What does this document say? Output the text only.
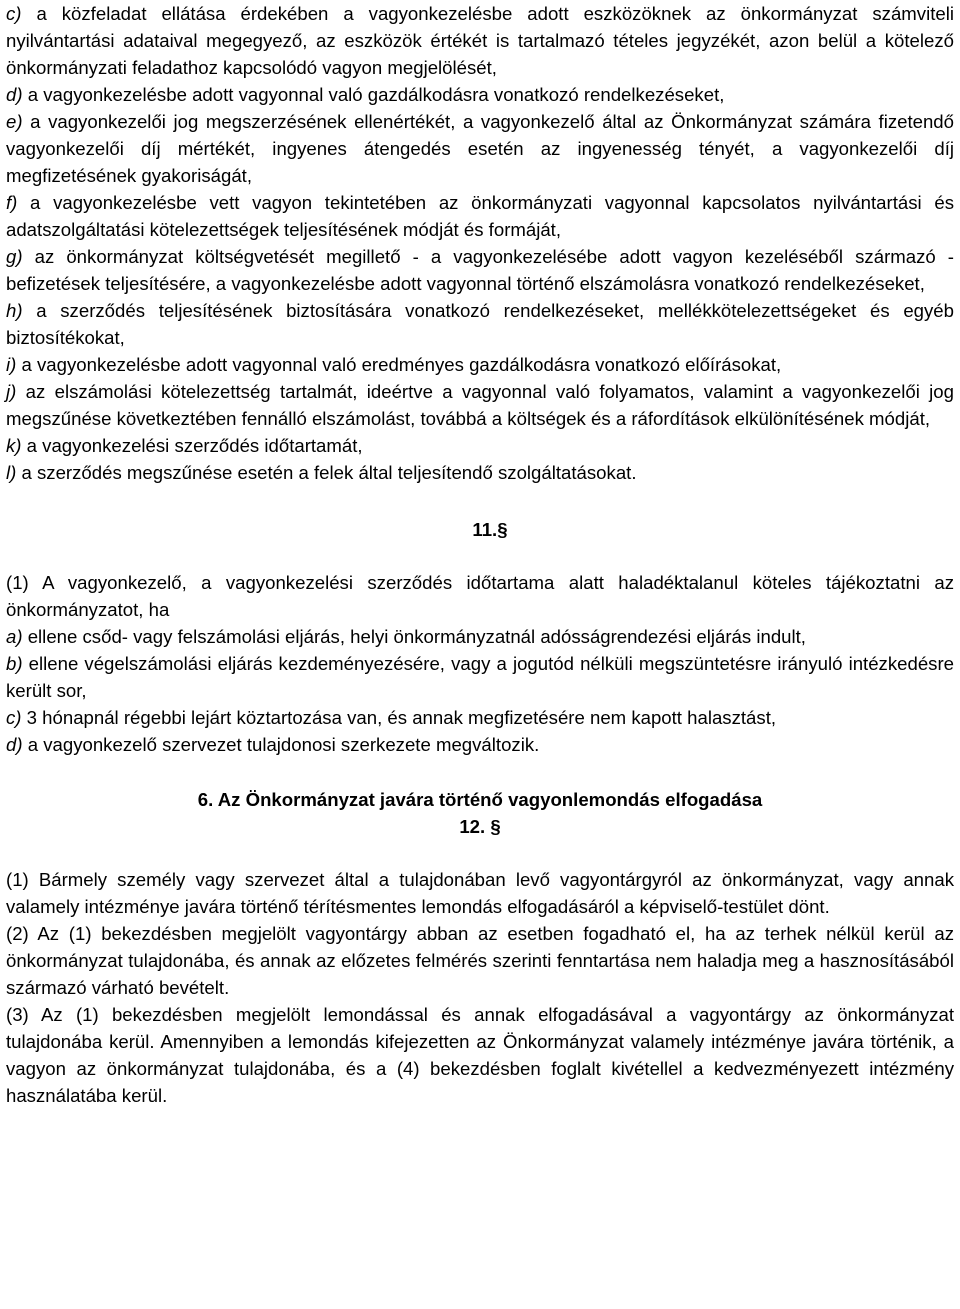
c) a közfeladat ellátása érdekében a vagyonkezelésbe adott eszközöknek az önkormányzat számviteli nyilvántartási adataival megegyező, az eszközök értékét is tartalmazó tételes jegyzékét, azon belül a kötelező önkormányzati feladathoz kapcsolódó vagyon megjelölését,

d) a vagyonkezelésbe adott vagyonnal való gazdálkodásra vonatkozó rendelkezéseket,

e) a vagyonkezelői jog megszerzésének ellenértékét, a vagyonkezelő által az Önkormányzat számára fizetendő vagyonkezelői díj mértékét, ingyenes átengedés esetén az ingyenesség tényét, a vagyonkezelői díj megfizetésének gyakoriságát,

f) a vagyonkezelésbe vett vagyon tekintetében az önkormányzati vagyonnal kapcsolatos nyilvántartási és adatszolgáltatási kötelezettségek teljesítésének módját és formáját,

g) az önkormányzat költségvetését megillető - a vagyonkezelésébe adott vagyon kezeléséből származó - befizetések teljesítésére, a vagyonkezelésbe adott vagyonnal történő elszámolásra vonatkozó rendelkezéseket,

h) a szerződés teljesítésének biztosítására vonatkozó rendelkezéseket, mellékkötelezettségeket és egyéb biztosítékokat,

i) a vagyonkezelésbe adott vagyonnal való eredményes gazdálkodásra vonatkozó előírásokat,

j) az elszámolási kötelezettség tartalmát, ideértve a vagyonnal való folyamatos, valamint a vagyonkezelői jog megszűnése következtében fennálló elszámolást, továbbá a költségek és a ráfordítások elkülönítésének módját,

k) a vagyonkezelési szerződés időtartamát,

l) a szerződés megszűnése esetén a felek által teljesítendő szolgáltatásokat.

11.§

(1) A vagyonkezelő, a vagyonkezelési szerződés időtartama alatt haladéktalanul köteles tájékoztatni az önkormányzatot, ha

a) ellene csőd- vagy felszámolási eljárás, helyi önkormányzatnál adósságrendezési eljárás indult,

b) ellene végelszámolási eljárás kezdeményezésére, vagy a jogutód nélküli megszüntetésre irányuló intézkedésre került sor,

c) 3 hónapnál régebbi lejárt köztartozása van, és annak megfizetésére nem kapott halasztást,

d) a vagyonkezelő szervezet tulajdonosi szerkezete megváltozik.

6. Az Önkormányzat javára történő vagyonlemondás elfogadása

12. §

(1) Bármely személy vagy szervezet által a tulajdonában levő vagyontárgyról az önkormányzat, vagy annak valamely intézménye javára történő térítésmentes lemondás elfogadásáról a képviselő-testület dönt.

(2) Az (1) bekezdésben megjelölt vagyontárgy abban az esetben fogadható el, ha az terhek nélkül kerül az önkormányzat tulajdonába, és annak az előzetes felmérés szerinti fenntartása nem haladja meg a hasznosításából származó várható bevételt.

(3) Az (1) bekezdésben megjelölt lemondással és annak elfogadásával a vagyontárgy az önkormányzat tulajdonába kerül. Amennyiben a lemondás kifejezetten az Önkormányzat valamely intézménye javára történik, a vagyon az önkormányzat tulajdonába, és a (4) bekezdésben foglalt kivétellel a kedvezményezett intézmény használatába kerül.
